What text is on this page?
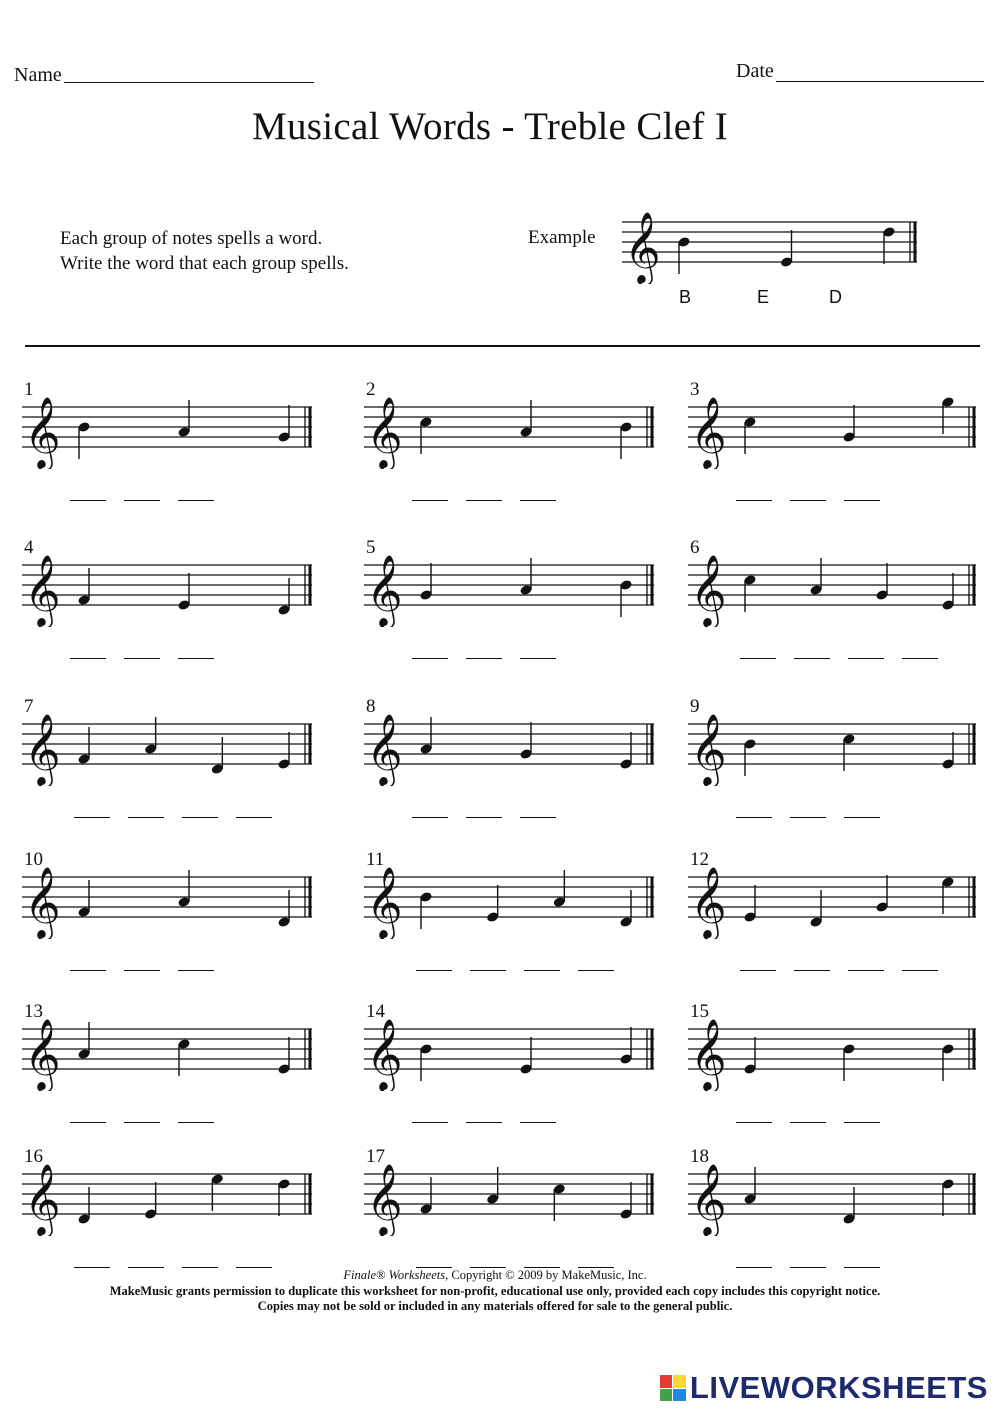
Name	Date
Musical Words - Treble Clef I
Each group of notes spells a word.
Write the word that each group spells.
Example 𝄞
B	E	D
1
𝄞
2
𝄞
3
𝄞
4
𝄞
5
𝄞
6
𝄞
7
𝄞
8
𝄞
9
𝄞
10
𝄞
11
𝄞
12
𝄞
13
𝄞
14
𝄞
15
𝄞
16
𝄞
17
𝄞
18
𝄞
Finale® Worksheets, Copyright © 2009 by MakeMusic, Inc.
MakeMusic grants permission to duplicate this worksheet for non-profit, educational use only, provided each copy includes this copyright notice.
Copies may not be sold or included in any materials offered for sale to the general public.
LIVEWORKSHEETS
